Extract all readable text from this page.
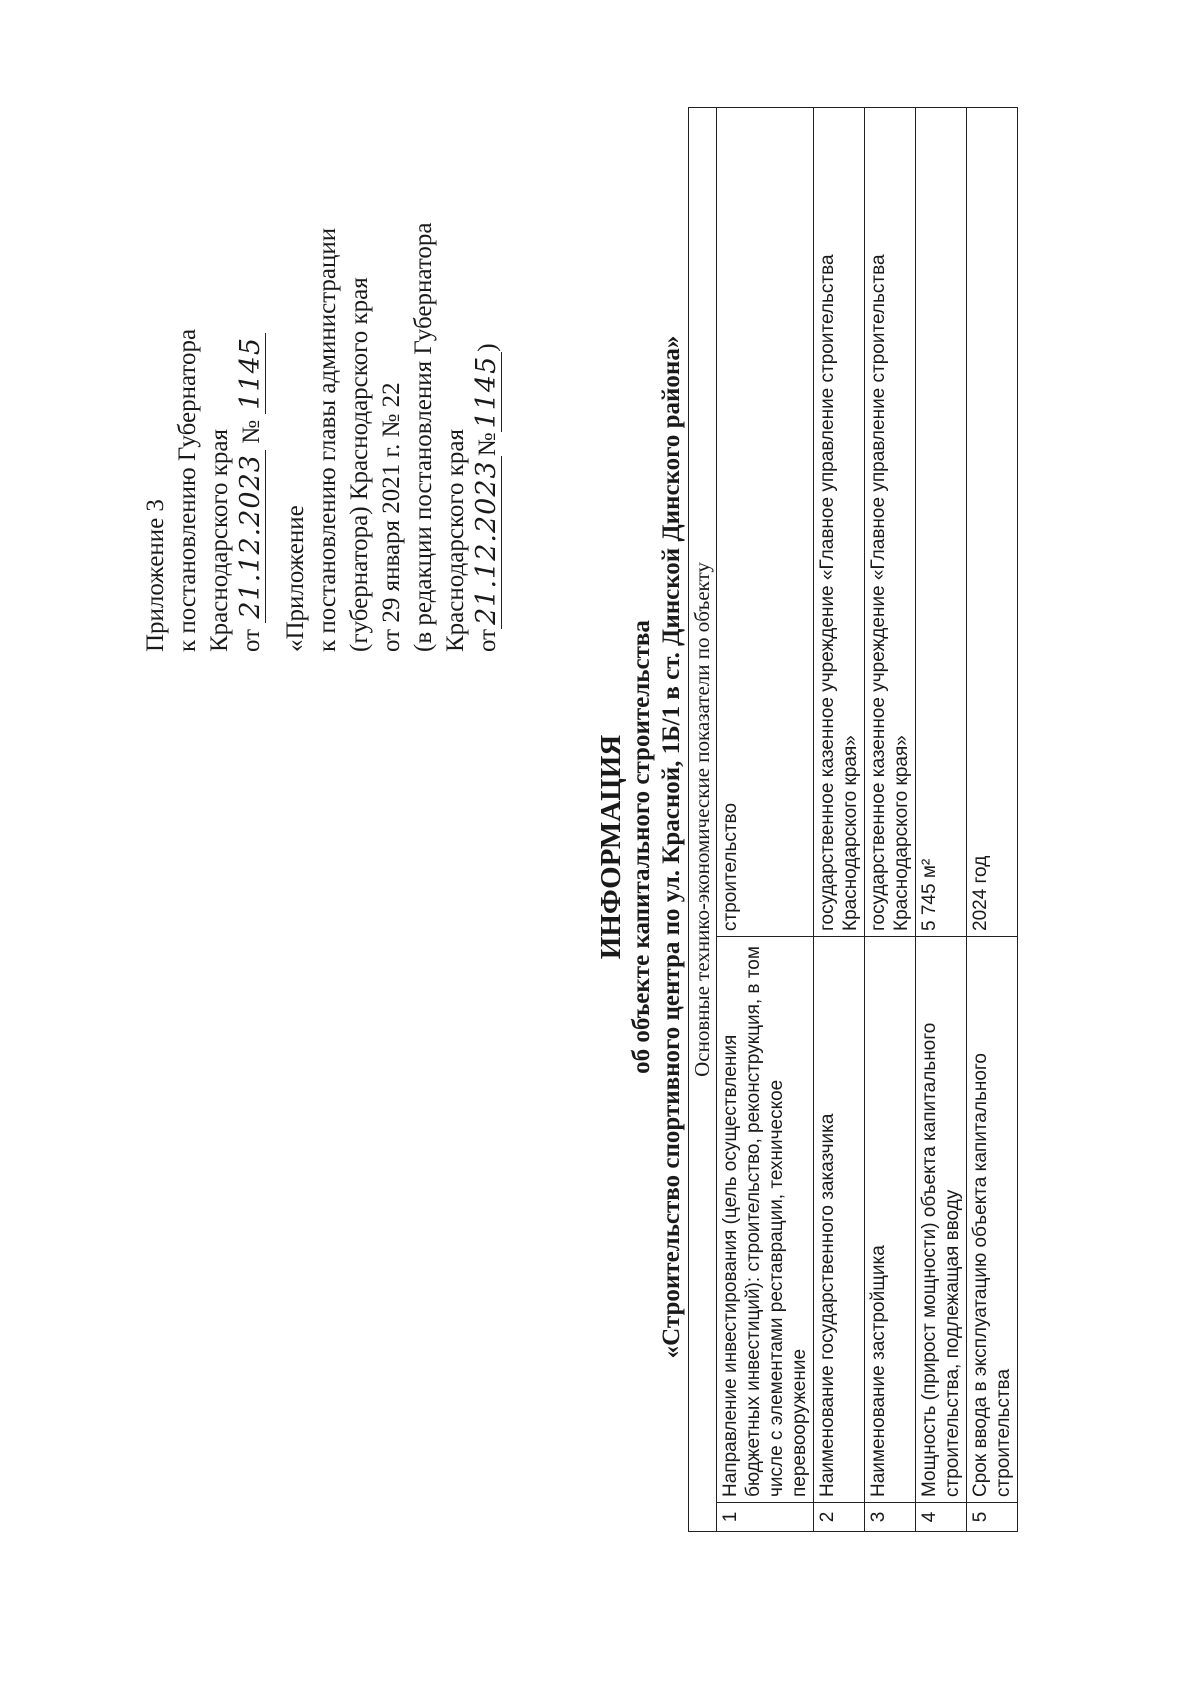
Приложение 3 к постановлению Губернатора Краснодарского края от 21.12.2023 № 1145
«Приложение к постановлению главы администрации (губернатора) Краснодарского края от 29 января 2021 г. № 22 (в редакции постановления Губернатора Краснодарского края от21.12.2023№1145)
ИНФОРМАЦИЯ об объекте капитального строительства «Строительство спортивного центра по ул. Красной, 1Б/1 в ст. Динской Динского района» Основные технико-экономические показатели по объекту		
1	Направление инвестирования (цель осуществления бюджетных инвестиций): строительство, реконструкция, в том числе с элементами реставрации, техническое перевооружение	строительство
2	Наименование государственного заказчика	государственное казенное учреждение «Главное управление строительства Краснодарского края»
3	Наименование застройщика	государственное казенное учреждение «Главное управление строительства Краснодарского края»
4	Мощность (прирост мощности) объекта капитального строительства, подлежащая вводу	5 745 м²
5	Срок ввода в эксплуатацию объекта капитального строительства	2024 год
